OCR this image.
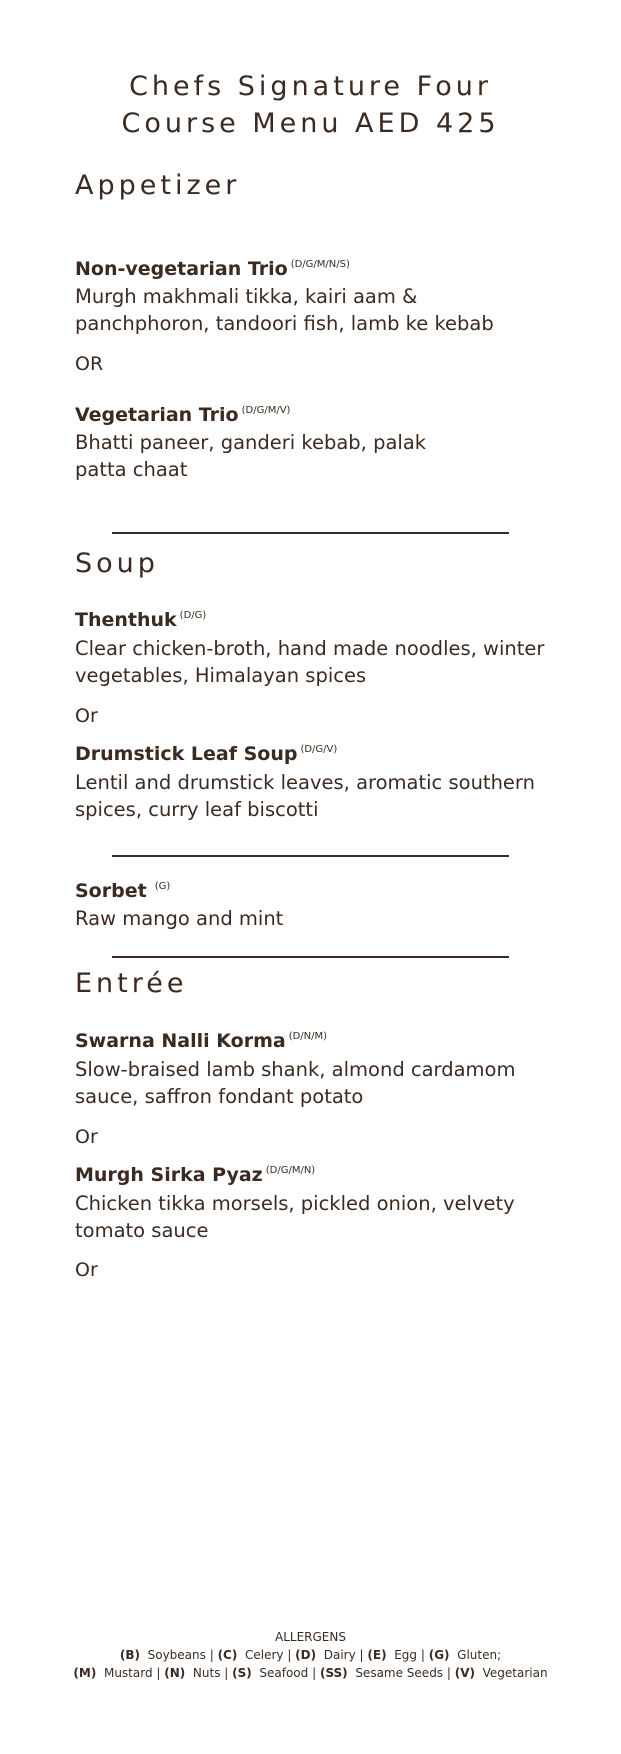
Chefs Signature Four
Course Menu AED 425
Appetizer
Non-vegetarian Trio $^{(D/G/M/N/S)}$
Murgh makhmali tikka, kairi aam & panchphoron, tandoori fish, lamb ke kebab
OR
Vegetarian Trio $^{(D/G/M/V)}$
Bhatti paneer, ganderi kebab, palak patta chaat
Soup
Thenthuk $^{(D/G)}$
Clear chicken-broth, hand made noodles, winter vegetables, Himalayan spices
Or
Drumstick Leaf Soup $^{(D/G/V)}$
Lentil and drumstick leaves, aromatic southern spices, curry leaf biscotti
Sorbet $^{(G)}$
Raw mango and mint
Entrée
Swarna Nalli Korma $^{(D/N/M)}$
Slow-braised lamb shank, almond cardamom sauce, saffron fondant potato
Or
Murgh Sirka Pyaz $^{(D/G/M/N)}$
Chicken tikka morsels, pickled onion, velvety tomato sauce
Or
ALLERGENS
(B) Soybeans | (C) Celery | (D) Dairy | (E) Egg | (G) Gluten;
(M) Mustard | (N) Nuts | (S) Seafood | (SS) Sesame Seeds | (V) Vegetarian
